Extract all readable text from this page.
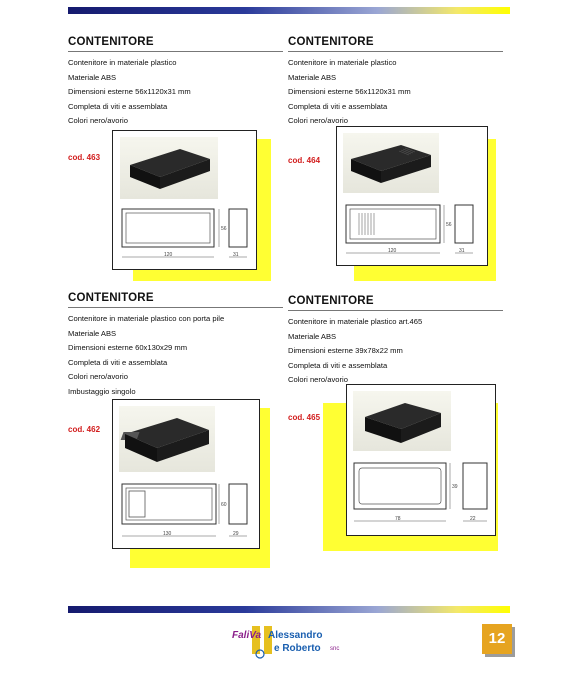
CONTENITORE
Contenitore in materiale plastico
Materiale ABS
Dimensioni esterne 56x1120x31 mm
Completa di viti e assemblata
Colori nero/avorio
cod. 463
120
56
31
CONTENITORE
Contenitore in materiale plastico
Materiale ABS
Dimensioni esterne 56x1120x31 mm
Completa di viti e assemblata
Colori nero/avorio
cod. 464
120
56
31
CONTENITORE
Contenitore in materiale plastico con porta pile
Materiale ABS
Dimensioni esterne 60x130x29 mm
Completa di viti e assemblata
Colori nero/avorio
Imbustaggio singolo
cod. 462
130
60
29
CONTENITORE
Contenitore in materiale plastico art.465
Materiale ABS
Dimensioni esterne 39x78x22 mm
Completa di viti e assemblata
Colori nero/avorio
cod. 465
78
39
22
FaliVa Alessandro
e Roberto snc
12
